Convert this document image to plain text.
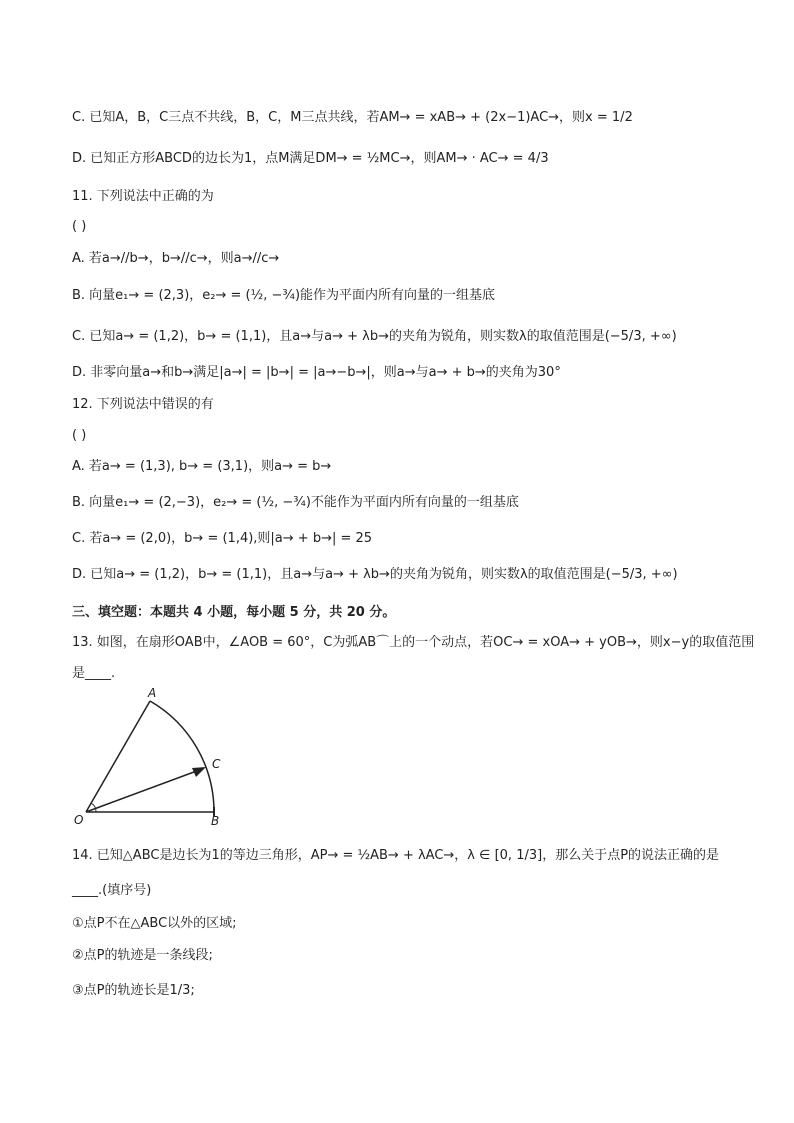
C. 已知A，B，C三点不共线，B，C，M三点共线，若AM→ = xAB→ + (2x−1)AC→，则x = 1/2
D. 已知正方形ABCD的边长为1，点M满足DM→ = ½MC→，则AM→ · AC→ = 4/3
11. 下列说法中正确的为
( )
A. 若a→//b→，b→//c→，则a→//c→
B. 向量e₁→ = (2,3)，e₂→ = (½, −¾)能作为平面内所有向量的一组基底
C. 已知a→ = (1,2)，b→ = (1,1)，且a→与a→ + λb→的夹角为锐角，则实数λ的取值范围是(−5/3, +∞)
D. 非零向量a→和b→满足|a→| = |b→| = |a→−b→|，则a→与a→ + b→的夹角为30°
12. 下列说法中错误的有
( )
A. 若a→ = (1,3), b→ = (3,1)，则a→ = b→
B. 向量e₁→ = (2,−3)，e₂→ = (½, −¾)不能作为平面内所有向量的一组基底
C. 若a→ = (2,0)，b→ = (1,4),则|a→ + b→| = 25
D. 已知a→ = (1,2)，b→ = (1,1)，且a→与a→ + λb→的夹角为锐角，则实数λ的取值范围是(−5/3, +∞)
三、填空题：本题共 4 小题，每小题 5 分，共 20 分。
13. 如图，在扇形OAB中，∠AOB = 60°，C为弧AB⌒上的一个动点，若OC→ = xOA→ + yOB→，则x−y的取值范围
是____.
A
C
O	B
14. 已知△ABC是边长为1的等边三角形，AP→ = ½AB→ + λAC→，λ ∈ [0, 1/3]，那么关于点P的说法正确的是
____.(填序号)
①点P不在△ABC以外的区域;
②点P的轨迹是一条线段;
③点P的轨迹长是1/3;
